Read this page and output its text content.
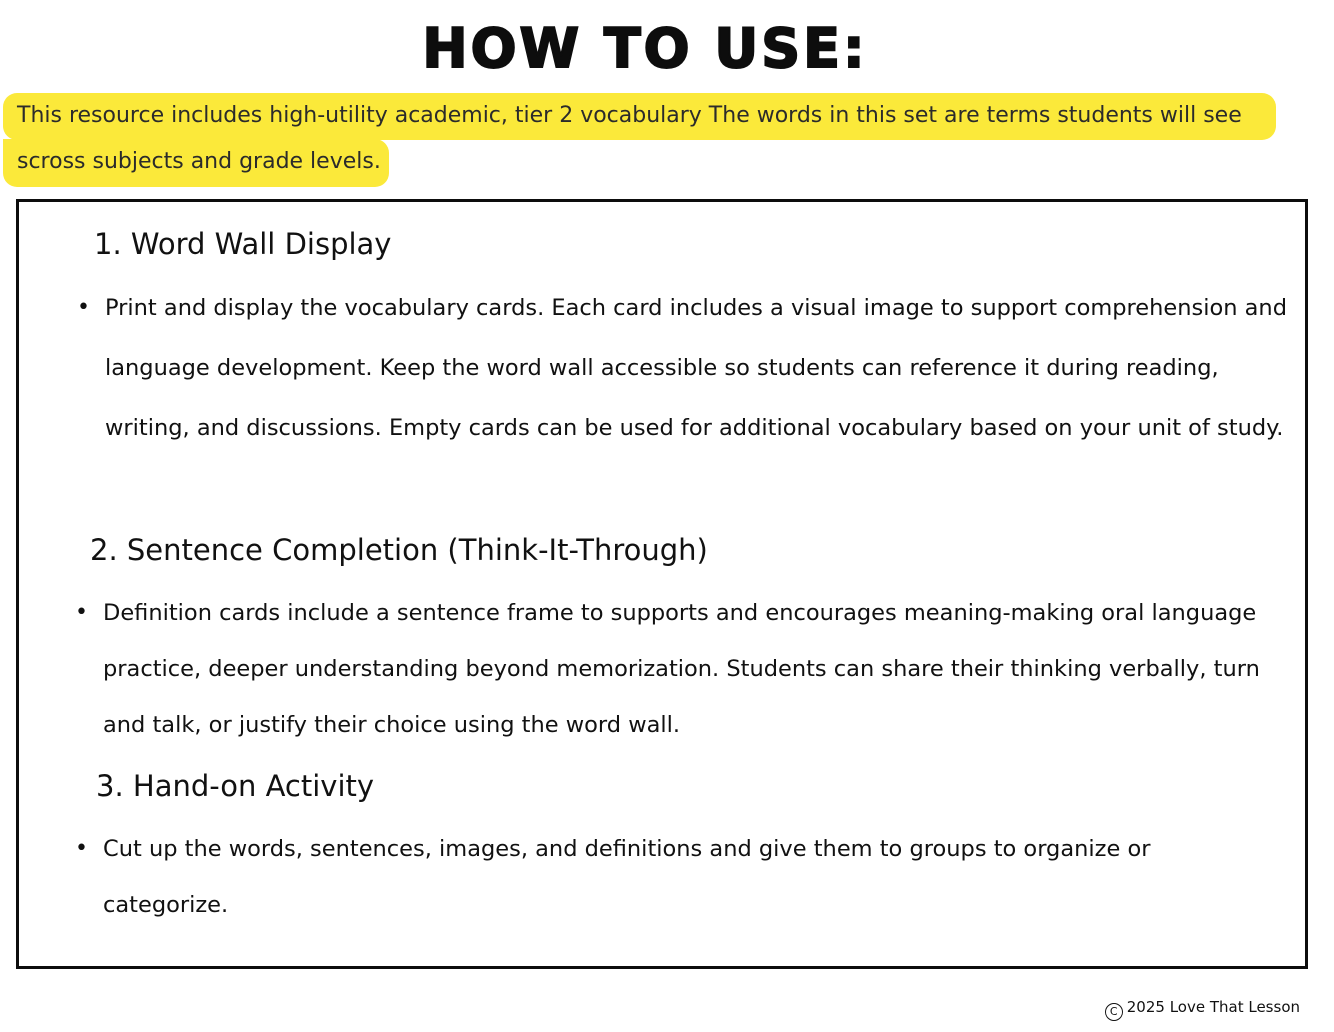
HOW TO USE:
This resource includes high-utility academic, tier 2 vocabulary The words in this set are terms students will see
scross subjects and grade levels.
1. Word Wall Display
• Print and display the vocabulary cards. Each card includes a visual image to support comprehension and language development. Keep the word wall accessible so students can reference it during reading, writing, and discussions. Empty cards can be used for additional vocabulary based on your unit of study.
2. Sentence Completion (Think-It-Through)
• Definition cards include a sentence frame to supports and encourages meaning-making oral language practice, deeper understanding beyond memorization. Students can share their thinking verbally, turn and talk, or justify their choice using the word wall.
3. Hand-on Activity
• Cut up the words, sentences, images, and definitions and give them to groups to organize or categorize.
C 2025 Love That Lesson
